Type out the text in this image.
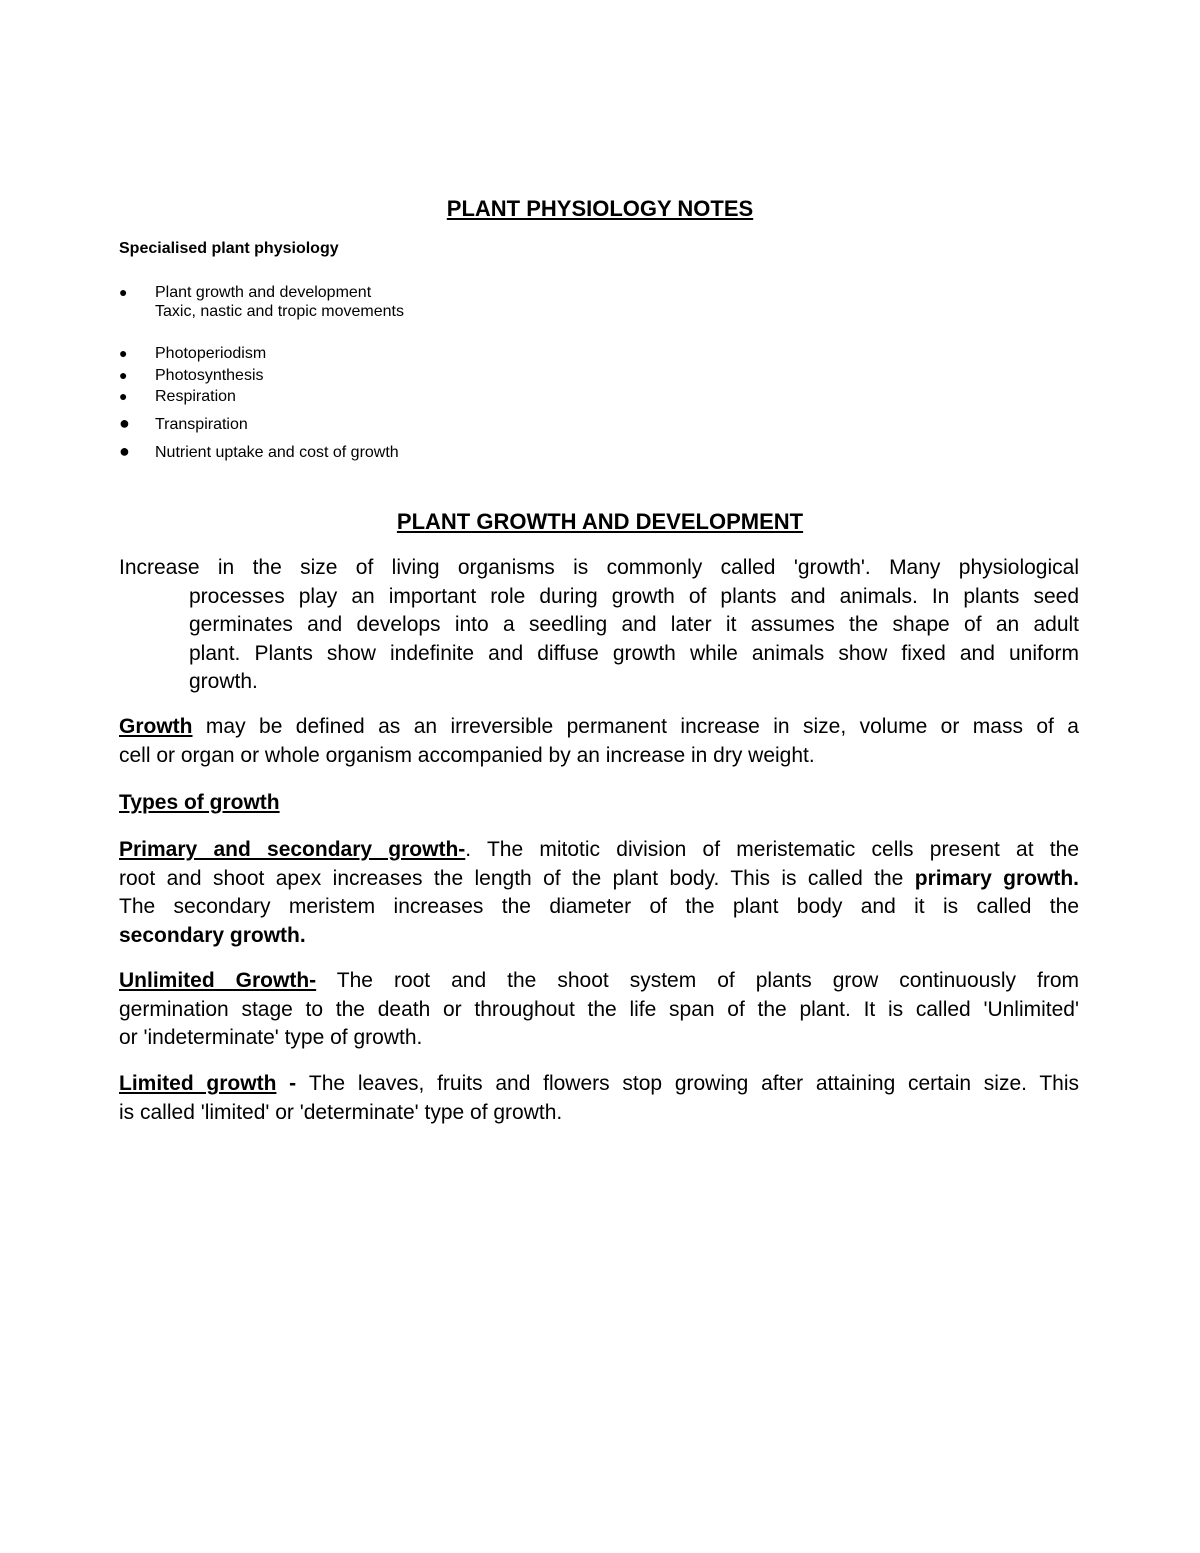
PLANT PHYSIOLOGY NOTES
Specialised plant physiology
● Plant growth and development
Taxic, nastic and tropic movements
● Photoperiodism
● Photosynthesis
● Respiration
● Transpiration
● Nutrient uptake and cost of growth
PLANT GROWTH AND DEVELOPMENT
Increase in the size of living organisms is commonly called 'growth'. Many physiological
processes play an important role during growth of plants and animals. In plants seed
germinates and develops into a seedling and later it assumes the shape of an adult
plant. Plants show indefinite and diffuse growth while animals show fixed and uniform
growth.
Growth may be defined as an irreversible permanent increase in size, volume or mass of a
cell or organ or whole organism accompanied by an increase in dry weight.
Types of growth
Primary and secondary growth-. The mitotic division of meristematic cells present at the
root and shoot apex increases the length of the plant body. This is called the primary growth.
The secondary meristem increases the diameter of the plant body and it is called the
secondary growth.
Unlimited Growth- The root and the shoot system of plants grow continuously from
germination stage to the death or throughout the life span of the plant. It is called 'Unlimited'
or 'indeterminate' type of growth.
Limited growth - The leaves, fruits and flowers stop growing after attaining certain size. This
is called 'limited' or 'determinate' type of growth.
